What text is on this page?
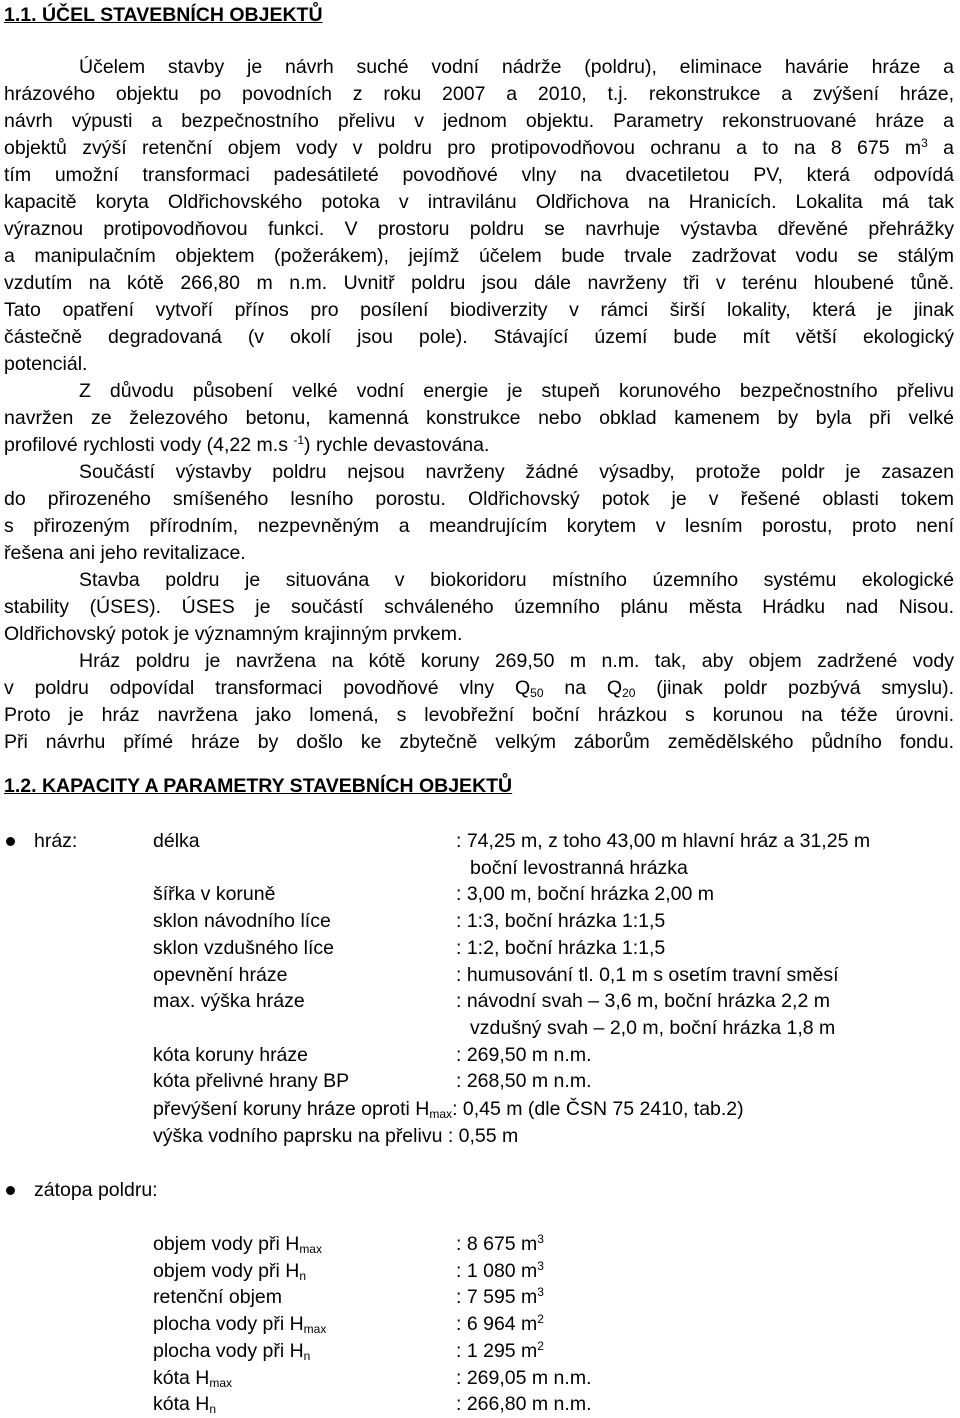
1.1. ÚČEL STAVEBNÍCH OBJEKTŮ
Účelem stavby je návrh suché vodní nádrže (poldru), eliminace havárie hráze a
hrázového objektu po povodních z roku 2007 a 2010, t.j. rekonstrukce a zvýšení hráze,
návrh výpusti a bezpečnostního přelivu v jednom objektu. Parametry rekonstruované hráze a
objektů zvýší retenční objem vody v poldru pro protipovodňovou ochranu a to na 8 675 $m^3$ a
tím umožní transformaci padesátileté povodňové vlny na dvacetiletou PV, která odpovídá
kapacitě koryta Oldřichovského potoka v intravilánu Oldřichova na Hranicích. Lokalita má tak
výraznou protipovodňovou funkci. V prostoru poldru se navrhuje výstavba dřevěné přehrážky
a manipulačním objektem (požerákem), jejímž účelem bude trvale zadržovat vodu se stálým
vzdutím na kótě 266,80 m n.m. Uvnitř poldru jsou dále navrženy tři v terénu hloubené tůně.
Tato opatření vytvoří přínos pro posílení biodiverzity v rámci širší lokality, která je jinak
částečně degradovaná (v okolí jsou pole). Stávající území bude mít větší ekologický
potenciál.
Z důvodu působení velké vodní energie je stupeň korunového bezpečnostního přelivu
navržen ze železového betonu, kamenná konstrukce nebo obklad kamenem by byla při velké
profilové rychlosti vody (4,22 m.s $^{-1}$) rychle devastována.
Součástí výstavby poldru nejsou navrženy žádné výsadby, protože poldr je zasazen
do přirozeného smíšeného lesního porostu. Oldřichovský potok je v řešené oblasti tokem
s přirozeným přírodním, nezpevněným a meandrujícím korytem v lesním porostu, proto není
řešena ani jeho revitalizace.
Stavba poldru je situována v biokoridoru místního územního systému ekologické
stability (ÚSES). ÚSES je součástí schváleného územního plánu města Hrádku nad Nisou.
Oldřichovský potok je významným krajinným prvkem.
Hráz poldru je navržena na kótě koruny 269,50 m n.m. tak, aby objem zadržené vody
v poldru odpovídal transformaci povodňové vlny $Q_{50}$ na $Q_{20}$ (jinak poldr pozbývá smyslu).
Proto je hráz navržena jako lomená, s levobřežní boční hrázkou s korunou na téže úrovni.
Při návrhu přímé hráze by došlo ke zbytečně velkým záborům zemědělského půdního fondu.
1.2. KAPACITY A PARAMETRY STAVEBNÍCH OBJEKTŮ
hráz:	délka	: 74,25 m, z toho 43,00 m hlavní hráz a 31,25 m
boční levostranná hrázka
šířka v koruně	: 3,00 m, boční hrázka 2,00 m
sklon návodního líce	: 1:3, boční hrázka 1:1,5
sklon vzdušného líce	: 1:2, boční hrázka 1:1,5
opevnění hráze	: humusování tl. 0,1 m s osetím travní směsí
max. výška hráze	: návodní svah – 3,6 m, boční hrázka 2,2 m
vzdušný svah – 2,0 m, boční hrázka 1,8 m
kóta koruny hráze	: 269,50 m n.m.
kóta přelivné hrany BP	: 268,50 m n.m.
převýšení koruny hráze oproti $H_{max}$: 0,45 m (dle ČSN 75 2410, tab.2)
výška vodního paprsku na přelivu : 0,55 m
zátopa poldru:
objem vody při $H_{max}$	: 8 675 $m^3$
objem vody při $H_n$	: 1 080 $m^3$
retenční objem	: 7 595 $m^3$
plocha vody při $H_{max}$	: 6 964 $m^2$
plocha vody při $H_n$	: 1 295 $m^2$
kóta $H_{max}$	: 269,05 m n.m.
kóta $H_n$	: 266,80 m n.m.
